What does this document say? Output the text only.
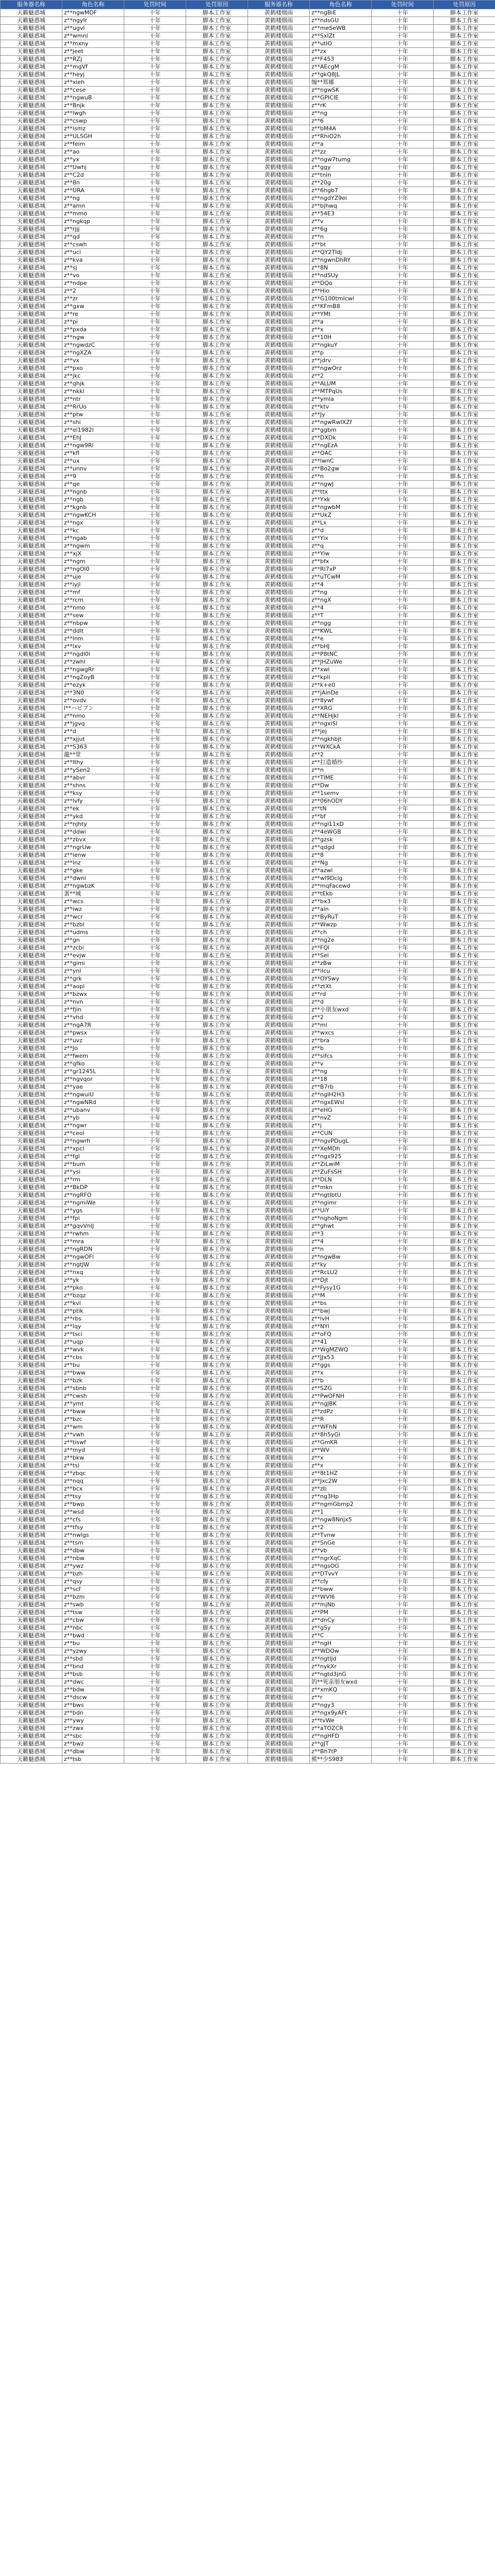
服务器名称	角色名称	处罚时间	处罚原因	服务器名称	角色名称	处罚时间	处罚原因
天籁魅惑城	z**ngwMDF	十年	脚本工作室	黄鹤楼烟雨	z**ngBiE	十年	脚本工作室
天籁魅惑城	z**ngyIr	十年	脚本工作室	黄鹤楼烟雨	z**ndsGU	十年	脚本工作室
天籁魅惑城	z**ugvl	十年	脚本工作室	黄鹤楼烟雨	z**meSeWB	十年	脚本工作室
天籁魅惑城	z**wmnl	十年	脚本工作室	黄鹤楼烟雨	z**SxIZt	十年	脚本工作室
天籁魅惑城	z**mxny	十年	脚本工作室	黄鹤楼烟雨	z**utlO	十年	脚本工作室
天籁魅惑城	z**jeet	十年	脚本工作室	黄鹤楼烟雨	z**zx	十年	脚本工作室
天籁魅惑城	z**RZj	十年	脚本工作室	黄鹤楼烟雨	z**F453	十年	脚本工作室
天籁魅惑城	z**mgVf	十年	脚本工作室	黄鹤楼烟雨	z**AEcgM	十年	脚本工作室
天籁魅惑城	z**heyj	十年	脚本工作室	黄鹤楼烟雨	z**gkQ8JL	十年	脚本工作室
天籁魅惑城	z**xieh	十年	脚本工作室	黄鹤楼烟雨	缠**郑娜	十年	脚本工作室
天籁魅惑城	z**cese	十年	脚本工作室	黄鹤楼烟雨	z**ngwSK	十年	脚本工作室
天籁魅惑城	z**ngwuB	十年	脚本工作室	黄鹤楼烟雨	z**GPIClE	十年	脚本工作室
天籁魅惑城	z**Bnjk	十年	脚本工作室	黄鹤楼烟雨	z**rK	十年	脚本工作室
天籁魅惑城	z**lwgh	十年	脚本工作室	黄鹤楼烟雨	z**ng	十年	脚本工作室
天籁魅惑城	z**cswp	十年	脚本工作室	黄鹤楼烟雨	z**6	十年	脚本工作室
天籁魅惑城	z**ismz	十年	脚本工作室	黄鹤楼烟雨	z**bM4A	十年	脚本工作室
天籁魅惑城	z**ULSGH	十年	脚本工作室	黄鹤楼烟雨	z**RhiO2h	十年	脚本工作室
天籁魅惑城	z**feim	十年	脚本工作室	黄鹤楼烟雨	z**a	十年	脚本工作室
天籁魅惑城	z**ao	十年	脚本工作室	黄鹤楼烟雨	z**zz	十年	脚本工作室
天籁魅惑城	z**yx	十年	脚本工作室	黄鹤楼烟雨	z**ngw7tumg	十年	脚本工作室
天籁魅惑城	z**Uwhj	十年	脚本工作室	黄鹤楼烟雨	z**ggy	十年	脚本工作室
天籁魅惑城	z**C2d	十年	脚本工作室	黄鹤楼烟雨	z**tnin	十年	脚本工作室
天籁魅惑城	z**8n	十年	脚本工作室	黄鹤楼烟雨	z**20g	十年	脚本工作室
天籁魅惑城	z**URA	十年	脚本工作室	黄鹤楼烟雨	z**6hgb7	十年	脚本工作室
天籁魅惑城	z**ng	十年	脚本工作室	黄鹤楼烟雨	z**ngdYZ9ei	十年	脚本工作室
天籁魅惑城	z**amn	十年	脚本工作室	黄鹤楼烟雨	z**bjhwq	十年	脚本工作室
天籁魅惑城	z**mmo	十年	脚本工作室	黄鹤楼烟雨	z**54E3	十年	脚本工作室
天籁魅惑城	z**ngkqp	十年	脚本工作室	黄鹤楼烟雨	z**v	十年	脚本工作室
天籁魅惑城	z**rjjj	十年	脚本工作室	黄鹤楼烟雨	z**6g	十年	脚本工作室
天籁魅惑城	z**qd	十年	脚本工作室	黄鹤楼烟雨	z**n	十年	脚本工作室
天籁魅惑城	z**cswh	十年	脚本工作室	黄鹤楼烟雨	z**bt	十年	脚本工作室
天籁魅惑城	z**ucl	十年	脚本工作室	黄鹤楼烟雨	z**QY2TIdj	十年	脚本工作室
天籁魅惑城	z**kva	十年	脚本工作室	黄鹤楼烟雨	z**ngwnDhRY	十年	脚本工作室
天籁魅惑城	z**sj	十年	脚本工作室	黄鹤楼烟雨	z**8N	十年	脚本工作室
天籁魅惑城	z**vo	十年	脚本工作室	黄鹤楼烟雨	z**ndSUy	十年	脚本工作室
天籁魅惑城	z**ndpe	十年	脚本工作室	黄鹤楼烟雨	z**DQo	十年	脚本工作室
天籁魅惑城	z**2	十年	脚本工作室	黄鹤楼烟雨	z**Hio	十年	脚本工作室
天籁魅惑城	z**zr	十年	脚本工作室	黄鹤楼烟雨	z**G100tmIcwl	十年	脚本工作室
天籁魅惑城	z**gxw	十年	脚本工作室	黄鹤楼烟雨	z**KFmB8	十年	脚本工作室
天籁魅惑城	z**re	十年	脚本工作室	黄鹤楼烟雨	z**YMt	十年	脚本工作室
天籁魅惑城	z**pi	十年	脚本工作室	黄鹤楼烟雨	z**a	十年	脚本工作室
天籁魅惑城	z**pxda	十年	脚本工作室	黄鹤楼烟雨	z**x	十年	脚本工作室
天籁魅惑城	z**ngw	十年	脚本工作室	黄鹤楼烟雨	z**10H	十年	脚本工作室
天籁魅惑城	z**ngwdzC	十年	脚本工作室	黄鹤楼烟雨	z**ngkuY	十年	脚本工作室
天籁魅惑城	z**ngXZA	十年	脚本工作室	黄鹤楼烟雨	z**p	十年	脚本工作室
天籁魅惑城	z**vx	十年	脚本工作室	黄鹤楼烟雨	z**jdrv	十年	脚本工作室
天籁魅惑城	z**pxo	十年	脚本工作室	黄鹤楼烟雨	z**ngwOrz	十年	脚本工作室
天籁魅惑城	z**jkc	十年	脚本工作室	黄鹤楼烟雨	z**2	十年	脚本工作室
天籁魅惑城	z**qhjk	十年	脚本工作室	黄鹤楼烟雨	z**ALUM	十年	脚本工作室
天籁魅惑城	z**nkkl	十年	脚本工作室	黄鹤楼烟雨	z**MTPqUs	十年	脚本工作室
天籁魅惑城	z**ntr	十年	脚本工作室	黄鹤楼烟雨	z**ymla	十年	脚本工作室
天籁魅惑城	z**RrUo	十年	脚本工作室	黄鹤楼烟雨	z**ktv	十年	脚本工作室
天籁魅惑城	z**ptw	十年	脚本工作室	黄鹤楼烟雨	z**Jy	十年	脚本工作室
天籁魅惑城	z**shi	十年	脚本工作室	黄鹤楼烟雨	z**ngwRwIXZf	十年	脚本工作室
天籁魅惑城	z**el1982l	十年	脚本工作室	黄鹤楼烟雨	z**ggbm	十年	脚本工作室
天籁魅惑城	z**EhJ	十年	脚本工作室	黄鹤楼烟雨	z**DXDk	十年	脚本工作室
天籁魅惑城	z**ngw9Rl	十年	脚本工作室	黄鹤楼烟雨	z**ngEzA	十年	脚本工作室
天籁魅惑城	z**kfl	十年	脚本工作室	黄鹤楼烟雨	z**OAC	十年	脚本工作室
天籁魅惑城	z**ux	十年	脚本工作室	黄鹤楼烟雨	z**lwnC	十年	脚本工作室
天籁魅惑城	z**unnv	十年	脚本工作室	黄鹤楼烟雨	z**Bo2gw	十年	脚本工作室
天籁魅惑城	z**9	十年	脚本工作室	黄鹤楼烟雨	z**n	十年	脚本工作室
天籁魅惑城	z**qe	十年	脚本工作室	黄鹤楼烟雨	z**ngwJ	十年	脚本工作室
天籁魅惑城	z**ngnb	十年	脚本工作室	黄鹤楼烟雨	z**ttx	十年	脚本工作室
天籁魅惑城	z**ngb	十年	脚本工作室	黄鹤楼烟雨	z**Yxk	十年	脚本工作室
天籁魅惑城	z**kgnb	十年	脚本工作室	黄鹤楼烟雨	z**ngwbM	十年	脚本工作室
天籁魅惑城	z**ngwKCH	十年	脚本工作室	黄鹤楼烟雨	z**UkZ	十年	脚本工作室
天籁魅惑城	z**ngx	十年	脚本工作室	黄鹤楼烟雨	z**Lx	十年	脚本工作室
天籁魅惑城	z**kc	十年	脚本工作室	黄鹤楼烟雨	z**d	十年	脚本工作室
天籁魅惑城	z**ngab	十年	脚本工作室	黄鹤楼烟雨	z**Yix	十年	脚本工作室
天籁魅惑城	z**ngwm	十年	脚本工作室	黄鹤楼烟雨	z**q	十年	脚本工作室
天籁魅惑城	z**xjX	十年	脚本工作室	黄鹤楼烟雨	z**Yiw	十年	脚本工作室
天籁魅惑城	z**ngm	十年	脚本工作室	黄鹤楼烟雨	z**bfx	十年	脚本工作室
天籁魅惑城	z**ngOl0	十年	脚本工作室	黄鹤楼烟雨	z**Rl7xP	十年	脚本工作室
天籁魅惑城	z**uje	十年	脚本工作室	黄鹤楼烟雨	z**uTCwM	十年	脚本工作室
天籁魅惑城	z**iyjl	十年	脚本工作室	黄鹤楼烟雨	z**4	十年	脚本工作室
天籁魅惑城	z**mf	十年	脚本工作室	黄鹤楼烟雨	z**ng	十年	脚本工作室
天籁魅惑城	z**rcm	十年	脚本工作室	黄鹤楼烟雨	z**ngX	十年	脚本工作室
天籁魅惑城	z**nmo	十年	脚本工作室	黄鹤楼烟雨	z**4	十年	脚本工作室
天籁魅惑城	z**sew	十年	脚本工作室	黄鹤楼烟雨	z**T	十年	脚本工作室
天籁魅惑城	z**nbpw	十年	脚本工作室	黄鹤楼烟雨	z**ngg	十年	脚本工作室
天籁魅惑城	z**ddlt	十年	脚本工作室	黄鹤楼烟雨	z**KWL	十年	脚本工作室
天籁魅惑城	z**lnm	十年	脚本工作室	黄鹤楼烟雨	z**e	十年	脚本工作室
天籁魅惑城	z**lxv	十年	脚本工作室	黄鹤楼烟雨	z**bHJ	十年	脚本工作室
天籁魅惑城	z**ngdl0l	十年	脚本工作室	黄鹤楼烟雨	z**P8tNC	十年	脚本工作室
天籁魅惑城	z**zwhl	十年	脚本工作室	黄鹤楼烟雨	z**JHZuWe	十年	脚本工作室
天籁魅惑城	z**ngwgRr	十年	脚本工作室	黄鹤楼烟雨	z**xwl	十年	脚本工作室
天籁魅惑城	z**ngZoyB	十年	脚本工作室	黄鹤楼烟雨	z**kpli	十年	脚本工作室
天籁魅惑城	z**ezyk	十年	脚本工作室	黄鹤楼烟雨	z**k+e0	十年	脚本工作室
天籁魅惑城	z**3N0	十年	脚本工作室	黄鹤楼烟雨	z**jAlnDe	十年	脚本工作室
天籁魅惑城	z**ovdv	十年	脚本工作室	黄鹤楼烟雨	z**8ywf	十年	脚本工作室
天籁魅惑城	l**ハピプン	十年	脚本工作室	黄鹤楼烟雨	z**XRG	十年	脚本工作室
天籁魅惑城	z**nmo	十年	脚本工作室	黄鹤楼烟雨	z**NEHjkl	十年	脚本工作室
天籁魅惑城	z**jgvq	十年	脚本工作室	黄鹤楼烟雨	z**ngxiSl	十年	脚本工作室
天籁魅惑城	z**d	十年	脚本工作室	黄鹤楼烟雨	z**jej	十年	脚本工作室
天籁魅惑城	z**xjjut	十年	脚本工作室	黄鹤楼烟雨	z**ngkhbjt	十年	脚本工作室
天籁魅惑城	z**S363	十年	脚本工作室	黄鹤楼烟雨	z**WXCkA	十年	脚本工作室
天籁魅惑城	龍**堂	十年	脚本工作室	黄鹤楼烟雨	z**2	十年	脚本工作室
天籁魅惑城	z**lthy	十年	脚本工作室	黄鹤楼烟雨	z**打造婚纱	十年	脚本工作室
天籁魅惑城	z**ySen2	十年	脚本工作室	黄鹤楼烟雨	z**n	十年	脚本工作室
天籁魅惑城	z**abvr	十年	脚本工作室	黄鹤楼烟雨	z**TIME	十年	脚本工作室
天籁魅惑城	z**shns	十年	脚本工作室	黄鹤楼烟雨	z**Dw	十年	脚本工作室
天籁魅惑城	z**ksy	十年	脚本工作室	黄鹤楼烟雨	z**1semv	十年	脚本工作室
天籁魅惑城	z**lvfy	十年	脚本工作室	黄鹤楼烟雨	z**06hODY	十年	脚本工作室
天籁魅惑城	z**ek	十年	脚本工作室	黄鹤楼烟雨	z**tN	十年	脚本工作室
天籁魅惑城	z**ykd	十年	脚本工作室	黄鹤楼烟雨	z**bf	十年	脚本工作室
天籁魅惑城	z**njhty	十年	脚本工作室	黄鹤楼烟雨	z**ngl11xD	十年	脚本工作室
天籁魅惑城	z**ddwi	十年	脚本工作室	黄鹤楼烟雨	z**4eWGB	十年	脚本工作室
天籁魅惑城	z**zbvx	十年	脚本工作室	黄鹤楼烟雨	z**gzsk	十年	脚本工作室
天籁魅惑城	z**ngrUw	十年	脚本工作室	黄鹤楼烟雨	z**qdgd	十年	脚本工作室
天籁魅惑城	z**ienw	十年	脚本工作室	黄鹤楼烟雨	z**8	十年	脚本工作室
天籁魅惑城	z**lnz	十年	脚本工作室	黄鹤楼烟雨	z**Ng	十年	脚本工作室
天籁魅惑城	z**gke	十年	脚本工作室	黄鹤楼烟雨	z**azwi	十年	脚本工作室
天籁魅惑城	z**dwni	十年	脚本工作室	黄鹤楼烟雨	z**wl9Dcig	十年	脚本工作室
天籁魅惑城	z**ngwbzK	十年	脚本工作室	黄鹤楼烟雨	z**mqFacewd	十年	脚本工作室
天籁魅惑城	蛋**城	十年	脚本工作室	黄鹤楼烟雨	z**tEkb	十年	脚本工作室
天籁魅惑城	z**wcs	十年	脚本工作室	黄鹤楼烟雨	z**bx3	十年	脚本工作室
天籁魅惑城	z**iwz	十年	脚本工作室	黄鹤楼烟雨	z**aln	十年	脚本工作室
天籁魅惑城	z**wcr	十年	脚本工作室	黄鹤楼烟雨	z**ByRuT	十年	脚本工作室
天籁魅惑城	z**bzbl	十年	脚本工作室	黄鹤楼烟雨	z**Wwzp	十年	脚本工作室
天籁魅惑城	z**udms	十年	脚本工作室	黄鹤楼烟雨	z**ch	十年	脚本工作室
天籁魅惑城	z**gn	十年	脚本工作室	黄鹤楼烟雨	z**ng2e	十年	脚本工作室
天籁魅惑城	z**zcbi	十年	脚本工作室	黄鹤楼烟雨	z**FQl	十年	脚本工作室
天籁魅惑城	z**evjw	十年	脚本工作室	黄鹤楼烟雨	z**Sel	十年	脚本工作室
天籁魅惑城	z**gimi	十年	脚本工作室	黄鹤楼烟雨	z**zBw	十年	脚本工作室
天籁魅惑城	z**ynl	十年	脚本工作室	黄鹤楼烟雨	z**ilcu	十年	脚本工作室
天籁魅惑城	z**grk	十年	脚本工作室	黄鹤楼烟雨	z**OYSwy	十年	脚本工作室
天籁魅惑城	z**aopl	十年	脚本工作室	黄鹤楼烟雨	z**ztXt	十年	脚本工作室
天籁魅惑城	z**bzwx	十年	脚本工作室	黄鹤楼烟雨	z**rd	十年	脚本工作室
天籁魅惑城	z**nvn	十年	脚本工作室	黄鹤楼烟雨	z**d	十年	脚本工作室
天籁魅惑城	z**fjin	十年	脚本工作室	黄鹤楼烟雨	z**小朋友wxd	十年	脚本工作室
天籁魅惑城	z**vhd	十年	脚本工作室	黄鹤楼烟雨	z**2	十年	脚本工作室
天籁魅惑城	z**ngA7R	十年	脚本工作室	黄鹤楼烟雨	z**ml	十年	脚本工作室
天籁魅惑城	z**pwsx	十年	脚本工作室	黄鹤楼烟雨	z**wxcs	十年	脚本工作室
天籁魅惑城	z**uvz	十年	脚本工作室	黄鹤楼烟雨	z**bra	十年	脚本工作室
天籁魅惑城	z**Jo	十年	脚本工作室	黄鹤楼烟雨	z**b	十年	脚本工作室
天籁魅惑城	z**fwem	十年	脚本工作室	黄鹤楼烟雨	z**sifcs	十年	脚本工作室
天籁魅惑城	z**qfko	十年	脚本工作室	黄鹤楼烟雨	z**v	十年	脚本工作室
天籁魅惑城	z**gr1245L	十年	脚本工作室	黄鹤楼烟雨	z**ng	十年	脚本工作室
天籁魅惑城	z**ngvqor	十年	脚本工作室	黄鹤楼烟雨	z**18	十年	脚本工作室
天籁魅惑城	z**yae	十年	脚本工作室	黄鹤楼烟雨	z**B7rb	十年	脚本工作室
天籁魅惑城	z**ngwuiU	十年	脚本工作室	黄鹤楼烟雨	z**nglH2H3	十年	脚本工作室
天籁魅惑城	z**ngwNRd	十年	脚本工作室	黄鹤楼烟雨	z**ngxEWsl	十年	脚本工作室
天籁魅惑城	z**ubanv	十年	脚本工作室	黄鹤楼烟雨	z**eHG	十年	脚本工作室
天籁魅惑城	z**yb	十年	脚本工作室	黄鹤楼烟雨	z**nvZ	十年	脚本工作室
天籁魅惑城	z**ngwr	十年	脚本工作室	黄鹤楼烟雨	z**j	十年	脚本工作室
天籁魅惑城	z**ceol	十年	脚本工作室	黄鹤楼烟雨	z**CUN	十年	脚本工作室
天籁魅惑城	z**ngwrh	十年	脚本工作室	黄鹤楼烟雨	z**ngvPDugL	十年	脚本工作室
天籁魅惑城	z**xpcl	十年	脚本工作室	黄鹤楼烟雨	z**XeMDh	十年	脚本工作室
天籁魅惑城	z**fgl	十年	脚本工作室	黄鹤楼烟雨	z**ngx925	十年	脚本工作室
天籁魅惑城	z**bum	十年	脚本工作室	黄鹤楼烟雨	z**ZiLwiM	十年	脚本工作室
天籁魅惑城	z**ysi	十年	脚本工作室	黄鹤楼烟雨	z**ZuFsSH	十年	脚本工作室
天籁魅惑城	z**rm	十年	脚本工作室	黄鹤楼烟雨	z**DLN	十年	脚本工作室
天籁魅惑城	z**BkDP	十年	脚本工作室	黄鹤楼烟雨	z**mkn	十年	脚本工作室
天籁魅惑城	z**ngRFO	十年	脚本工作室	黄鹤楼烟雨	z**ngtIbtU	十年	脚本工作室
天籁魅惑城	z**ngmiWe	十年	脚本工作室	黄鹤楼烟雨	z**ngimr	十年	脚本工作室
天籁魅惑城	z**ygs	十年	脚本工作室	黄鹤楼烟雨	z**UiY	十年	脚本工作室
天籁魅惑城	z**fpi	十年	脚本工作室	黄鹤楼烟雨	z**nghoNgm	十年	脚本工作室
天籁魅惑城	z**gqvVnIJ	十年	脚本工作室	黄鹤楼烟雨	z**ghwt	十年	脚本工作室
天籁魅惑城	z**rwhm	十年	脚本工作室	黄鹤楼烟雨	z**3	十年	脚本工作室
天籁魅惑城	z**mra	十年	脚本工作室	黄鹤楼烟雨	z**4	十年	脚本工作室
天籁魅惑城	z**ngRDN	十年	脚本工作室	黄鹤楼烟雨	z**n	十年	脚本工作室
天籁魅惑城	z**ngwOFl	十年	脚本工作室	黄鹤楼烟雨	z**ngwBw	十年	脚本工作室
天籁魅惑城	z**ngtJW	十年	脚本工作室	黄鹤楼烟雨	z**ky	十年	脚本工作室
天籁魅惑城	z**nxq	十年	脚本工作室	黄鹤楼烟雨	z**RcLU2	十年	脚本工作室
天籁魅惑城	z**yk	十年	脚本工作室	黄鹤楼烟雨	z**Djt	十年	脚本工作室
天籁魅惑城	z**pko	十年	脚本工作室	黄鹤楼烟雨	z**Fysy1G	十年	脚本工作室
天籁魅惑城	z**bzqz	十年	脚本工作室	黄鹤楼烟雨	z**M	十年	脚本工作室
天籁魅惑城	z**kvl	十年	脚本工作室	黄鹤楼烟雨	z**bs	十年	脚本工作室
天籁魅惑城	z**ptik	十年	脚本工作室	黄鹤楼烟雨	z**bwj	十年	脚本工作室
天籁魅惑城	z**rbs	十年	脚本工作室	黄鹤楼烟雨	z**lvH	十年	脚本工作室
天籁魅惑城	z**lqy	十年	脚本工作室	黄鹤楼烟雨	z**NYl	十年	脚本工作室
天籁魅惑城	z**tsci	十年	脚本工作室	黄鹤楼烟雨	z**oFQ	十年	脚本工作室
天籁魅惑城	z**uqp	十年	脚本工作室	黄鹤楼烟雨	z**41	十年	脚本工作室
天籁魅惑城	z**wvk	十年	脚本工作室	黄鹤楼烟雨	z**WgMZWQ	十年	脚本工作室
天籁魅惑城	z**cbs	十年	脚本工作室	黄鹤楼烟雨	z**JJx53	十年	脚本工作室
天籁魅惑城	z**bu	十年	脚本工作室	黄鹤楼烟雨	z**ggs	十年	脚本工作室
天籁魅惑城	z**bww	十年	脚本工作室	黄鹤楼烟雨	z**x	十年	脚本工作室
天籁魅惑城	z**bzk	十年	脚本工作室	黄鹤楼烟雨	z**b	十年	脚本工作室
天籁魅惑城	z**sbnb	十年	脚本工作室	黄鹤楼烟雨	z**SZG	十年	脚本工作室
天籁魅惑城	z**cwsh	十年	脚本工作室	黄鹤楼烟雨	z**PwOFNH	十年	脚本工作室
天籁魅惑城	z**ymt	十年	脚本工作室	黄鹤楼烟雨	z**ngJBK	十年	脚本工作室
天籁魅惑城	z**bww	十年	脚本工作室	黄鹤楼烟雨	z**zdPz	十年	脚本工作室
天籁魅惑城	z**bzc	十年	脚本工作室	黄鹤楼烟雨	z**R	十年	脚本工作室
天籁魅惑城	z**wm	十年	脚本工作室	黄鹤楼烟雨	z**WFhN	十年	脚本工作室
天籁魅惑城	z**vwh	十年	脚本工作室	黄鹤楼烟雨	z**8h5yGl	十年	脚本工作室
天籁魅惑城	z**tiswf	十年	脚本工作室	黄鹤楼烟雨	z**GmKR	十年	脚本工作室
天籁魅惑城	z**myd	十年	脚本工作室	黄鹤楼烟雨	z**WV	十年	脚本工作室
天籁魅惑城	z**bkw	十年	脚本工作室	黄鹤楼烟雨	z**x	十年	脚本工作室
天籁魅惑城	z**tsl	十年	脚本工作室	黄鹤楼烟雨	z**x	十年	脚本工作室
天籁魅惑城	z**zbqc	十年	脚本工作室	黄鹤楼烟雨	z**8t1HZ	十年	脚本工作室
天籁魅惑城	z**nqq	十年	脚本工作室	黄鹤楼烟雨	z**Jxc2W	十年	脚本工作室
天籁魅惑城	z**bcx	十年	脚本工作室	黄鹤楼烟雨	z**zb	十年	脚本工作室
天籁魅惑城	z**tsy	十年	脚本工作室	黄鹤楼烟雨	z**ng3Hp	十年	脚本工作室
天籁魅惑城	z**bwp	十年	脚本工作室	黄鹤楼烟雨	z**ngmGbmp2	十年	脚本工作室
天籁魅惑城	z**wsd	十年	脚本工作室	黄鹤楼烟雨	z**1	十年	脚本工作室
天籁魅惑城	z**cfs	十年	脚本工作室	黄鹤楼烟雨	z**ngw8Nnjx5	十年	脚本工作室
天籁魅惑城	z**tfsy	十年	脚本工作室	黄鹤楼烟雨	z**2	十年	脚本工作室
天籁魅惑城	z**nwlgs	十年	脚本工作室	黄鹤楼烟雨	z**Tvnw	十年	脚本工作室
天籁魅惑城	z**tsm	十年	脚本工作室	黄鹤楼烟雨	z**SnGe	十年	脚本工作室
天籁魅惑城	z**dbw	十年	脚本工作室	黄鹤楼烟雨	z**vb	十年	脚本工作室
天籁魅惑城	z**nbw	十年	脚本工作室	黄鹤楼烟雨	z**ngrXqC	十年	脚本工作室
天籁魅惑城	z**ywz	十年	脚本工作室	黄鹤楼烟雨	z**ngsOG	十年	脚本工作室
天籁魅惑城	z**bzh	十年	脚本工作室	黄鹤楼烟雨	z**DTvvY	十年	脚本工作室
天籁魅惑城	z**qsy	十年	脚本工作室	黄鹤楼烟雨	z**cfy	十年	脚本工作室
天籁魅惑城	z**scf	十年	脚本工作室	黄鹤楼烟雨	z**bww	十年	脚本工作室
天籁魅惑城	z**bzm	十年	脚本工作室	黄鹤楼烟雨	z**WVl6	十年	脚本工作室
天籁魅惑城	z**swb	十年	脚本工作室	黄鹤楼烟雨	z**mjNb	十年	脚本工作室
天籁魅惑城	z**tsw	十年	脚本工作室	黄鹤楼烟雨	z**PM	十年	脚本工作室
天籁魅惑城	z**cbw	十年	脚本工作室	黄鹤楼烟雨	z**dnCy	十年	脚本工作室
天籁魅惑城	z**nbc	十年	脚本工作室	黄鹤楼烟雨	z**gSy	十年	脚本工作室
天籁魅惑城	z**bwd	十年	脚本工作室	黄鹤楼烟雨	z**C	十年	脚本工作室
天籁魅惑城	z**bu	十年	脚本工作室	黄鹤楼烟雨	z**ngH	十年	脚本工作室
天籁魅惑城	z**yzwy	十年	脚本工作室	黄鹤楼烟雨	z**WDOw	十年	脚本工作室
天籁魅惑城	z**sbd	十年	脚本工作室	黄鹤楼烟雨	z**ngtlJd	十年	脚本工作室
天籁魅惑城	z**bnd	十年	脚本工作室	黄鹤楼烟雨	z**nykXr	十年	脚本工作室
天籁魅惑城	z**bsb	十年	脚本工作室	黄鹤楼烟雨	z**ngtd3jnG	十年	脚本工作室
天籁魅惑城	z**dwc	十年	脚本工作室	黄鹤楼烟雨	的**死亲朋友wxd	十年	脚本工作室
天籁魅惑城	z**bdw	十年	脚本工作室	黄鹤楼烟雨	z**xmKQ	十年	脚本工作室
天籁魅惑城	z**dscw	十年	脚本工作室	黄鹤楼烟雨	z**r	十年	脚本工作室
天籁魅惑城	z**bws	十年	脚本工作室	黄鹤楼烟雨	z**ngy3	十年	脚本工作室
天籁魅惑城	z**bdn	十年	脚本工作室	黄鹤楼烟雨	z**ngx9yAFt	十年	脚本工作室
天籁魅惑城	z**ywy	十年	脚本工作室	黄鹤楼烟雨	z**tvWe	十年	脚本工作室
天籁魅惑城	z**zwx	十年	脚本工作室	黄鹤楼烟雨	z**aTOZCR	十年	脚本工作室
天籁魅惑城	z**sbc	十年	脚本工作室	黄鹤楼烟雨	z**ngHFD	十年	脚本工作室
天籁魅惑城	z**bwz	十年	脚本工作室	黄鹤楼烟雨	z**gJT	十年	脚本工作室
天籁魅惑城	z**dbw	十年	脚本工作室	黄鹤楼烟雨	z**Bh7tP	十年	脚本工作室
天籁魅惑城	z**tsb	十年	脚本工作室	黄鹤楼烟雨	熊**少S983	十年	脚本工作室
